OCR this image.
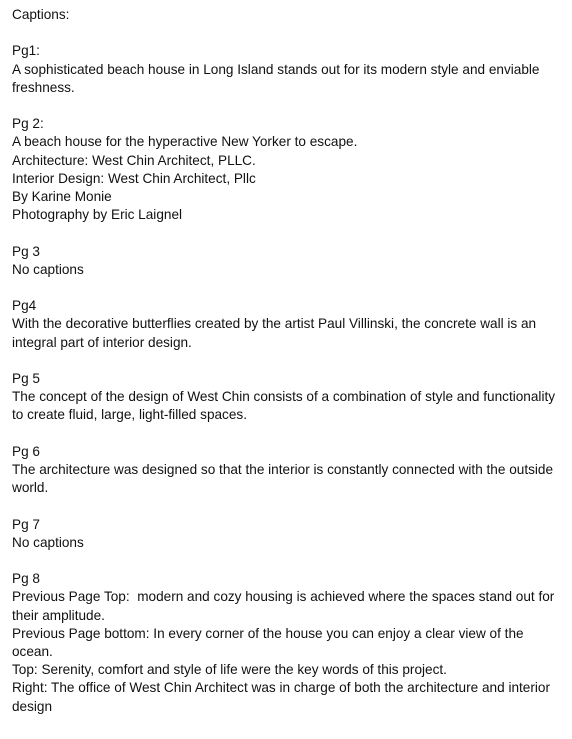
Captions:

Pg1:

A sophisticated beach house in Long Island stands out for its modern style and enviable freshness.

Pg 2:

A beach house for the hyperactive New Yorker to escape.

Architecture: West Chin Architect, PLLC.

Interior Design: West Chin Architect, Pllc

By Karine Monie

Photography by Eric Laignel

Pg 3

No captions

Pg4

With the decorative butterflies created by the artist Paul Villinski, the concrete wall is an integral part of interior design.

Pg 5

The concept of the design of West Chin consists of a combination of style and functionality to create fluid, large, light-filled spaces.

Pg 6

The architecture was designed so that the interior is constantly connected with the outside world.

Pg 7

No captions

Pg 8

Previous Page Top:  modern and cozy housing is achieved where the spaces stand out for their amplitude.

Previous Page bottom: In every corner of the house you can enjoy a clear view of the ocean.

Top: Serenity, comfort and style of life were the key words of this project.

Right: The office of West Chin Architect was in charge of both the architecture and interior design
